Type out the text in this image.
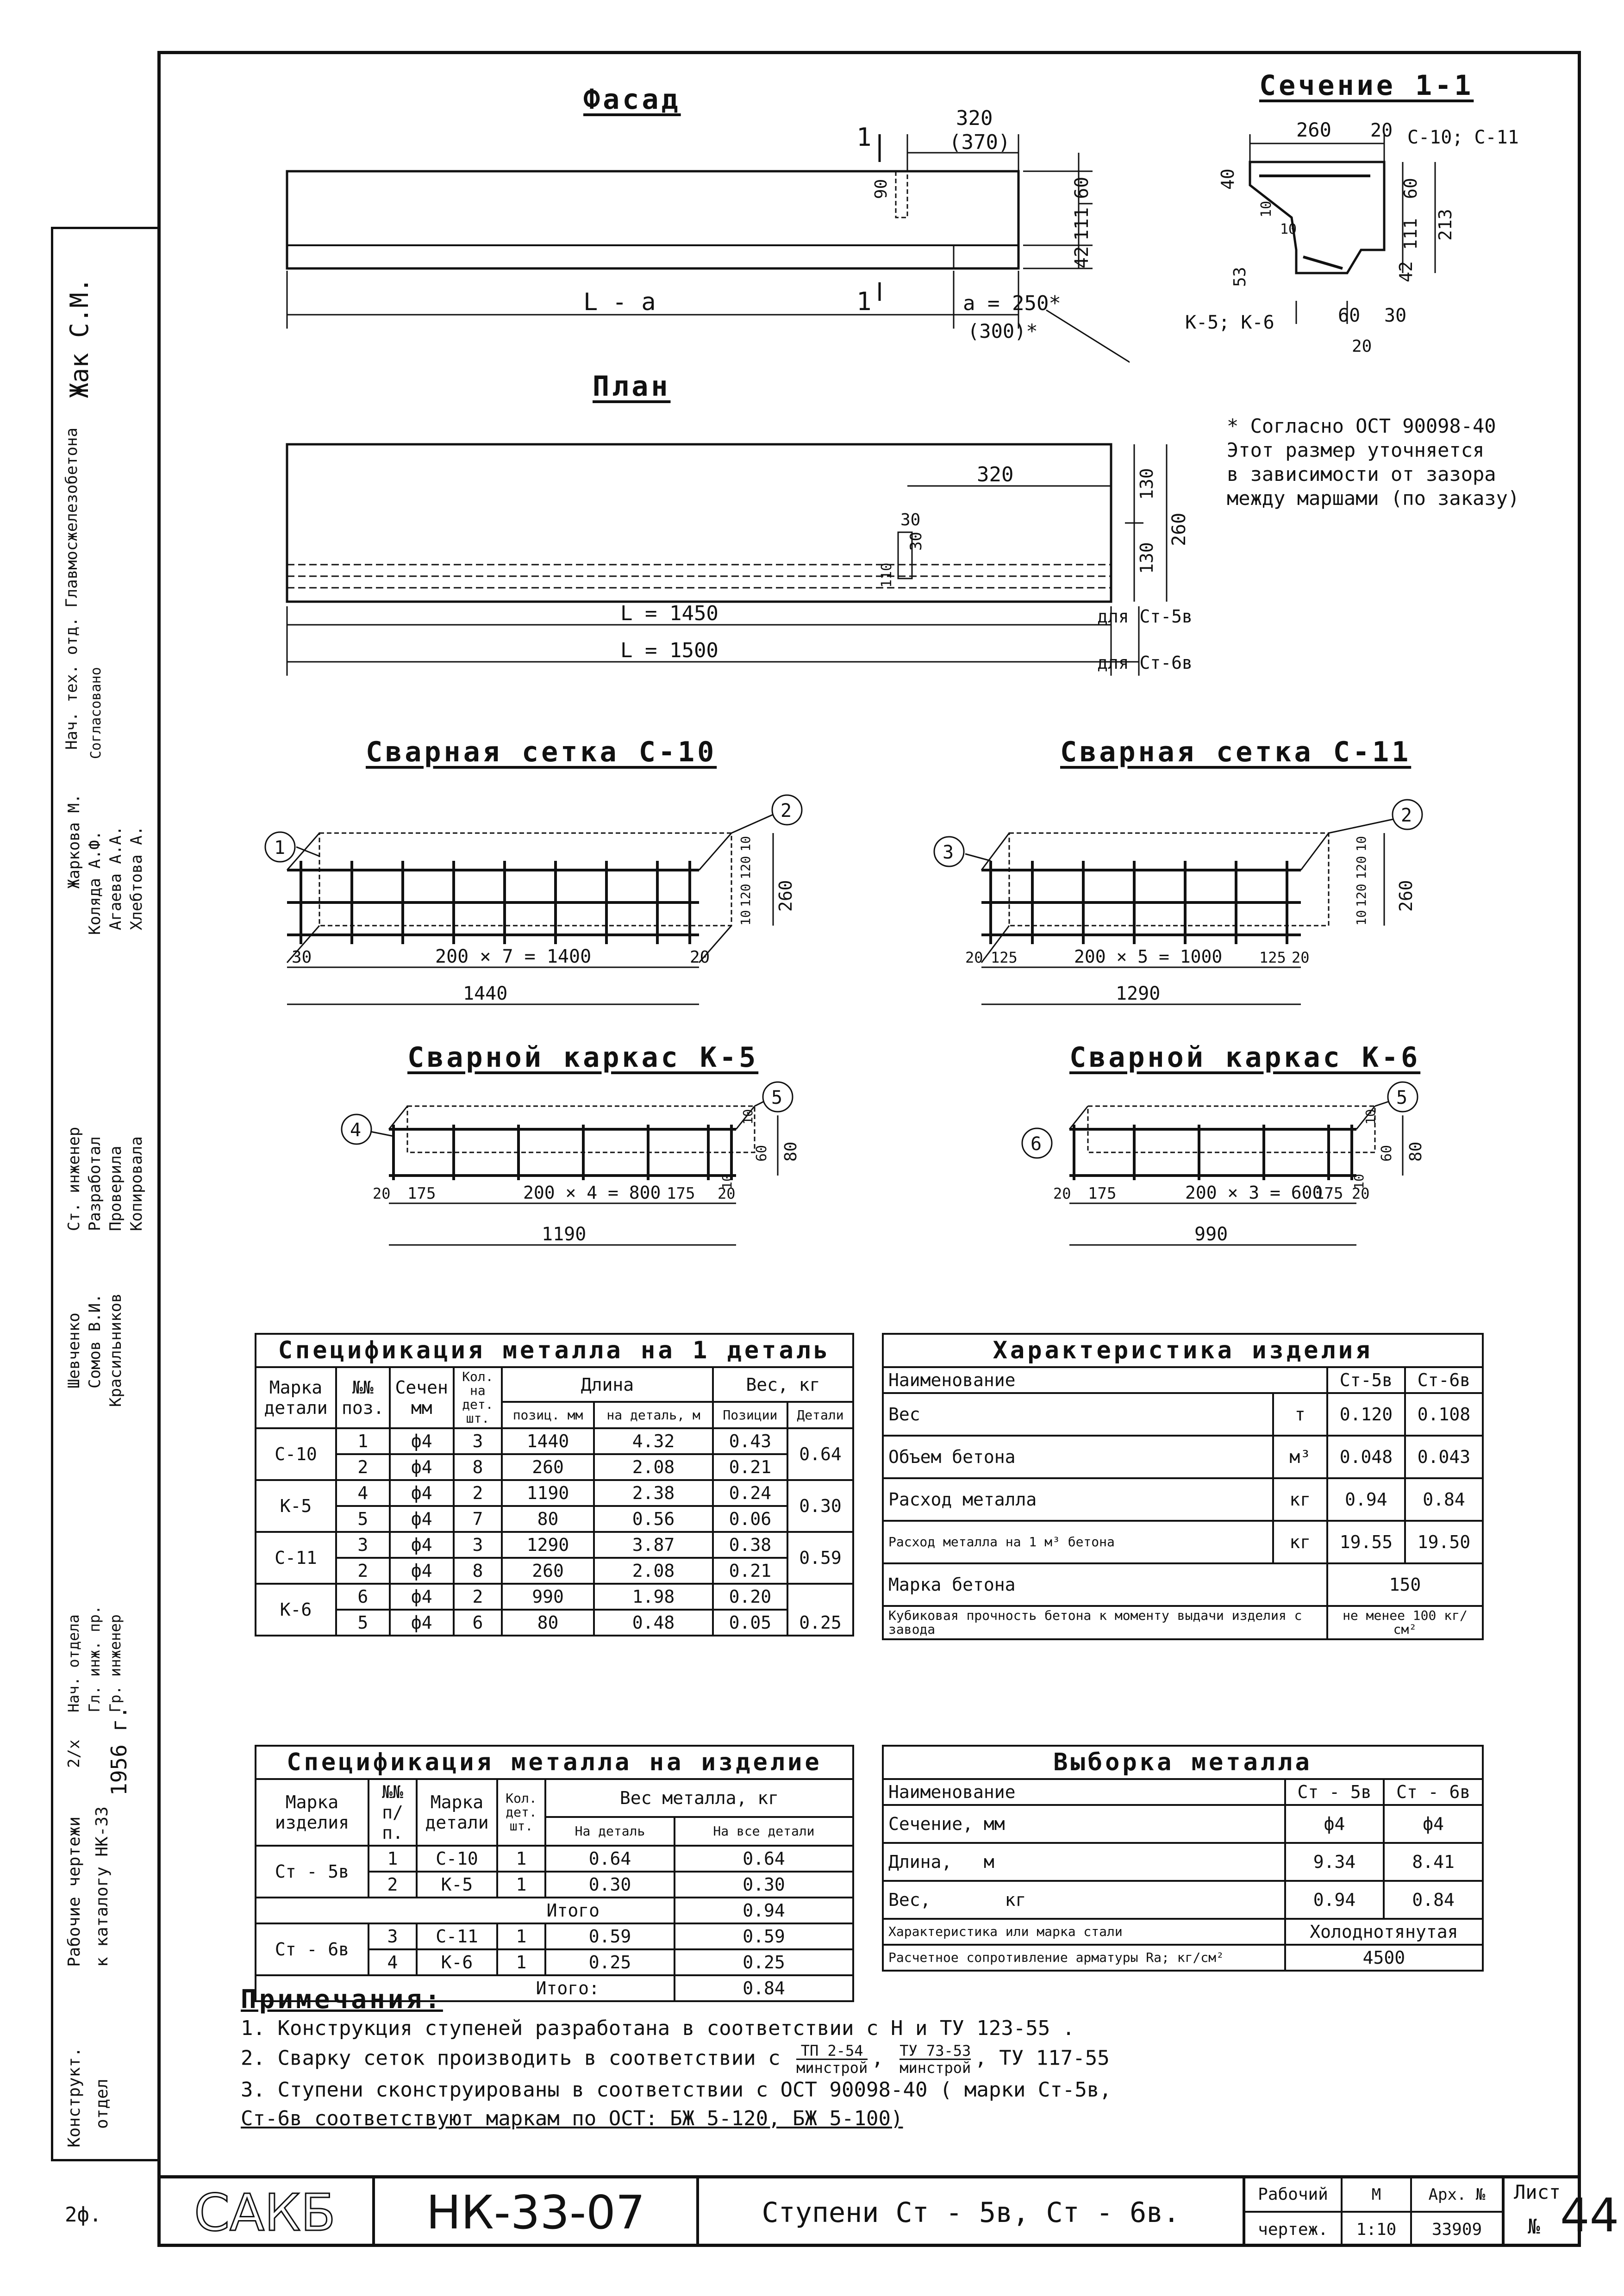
Жак С.М.
Нач. тех. отд. Главмосжелезобетона Согласовано
Жаркова М. Коляда А.Ф. Агаева А.А. Хлебтова А.
Ст. инженер Разработал Проверила Копировала
Шевченко Сомов В.И. Красильников
Нач. отдела Гл. инж. пр. Гр. инженер
2/х 1956 г.
Рабочие чертежи к каталогу НК-33
Конструкт. отдел
2ф.
Фасад	Сечение 1-1
План
Сварная сетка С-10	Сварная сетка С-11
Сварной каркас К-5	Сварной каркас К-6
320
(370)
1
1
90	60
111
42
L - a	a = 250*
(300)*
260 20 С-10; С-11
40
10
10
60
111 213
53	42
К-5; К-6	60 30
20
* Согласно ОСТ 90098-40
Этот размер уточняется
в зависимости от зазора
между маршами (по заказу)
320	130
130
260
30
30
110
L = 1450
L = 1500
для Ст-5в
для Ст-6в
1
2
30	200 × 7 = 1400	20
1440
260
10
120
120
10
3
2
20 125	200 × 5 = 1000 125 20
1290
260
10
120
120
10
4
5
20 175	200 × 4 = 800 175 20
1190
80
10
60
10
6
5
20 175	200 × 3 = 600
175 20
990
80
10
60
10
Спецификация металла на 1 деталь							
Марка детали	№№ поз.	Сечен мм	Кол. на дет. шт.	Длина		Вес, кг	
				позиц. мм	на деталь, м	Позиции	Детали
С-10	1	ф4	3	1440	4.32	0.43	0.64
	2	ф4	8	260	2.08	0.21	
К-5	4	ф4	2	1190	2.38	0.24	0.30
	5	ф4	7	80	0.56	0.06	
С-11	3	ф4	3	1290	3.87	0.38	0.59
	2	ф4	8	260	2.08	0.21	
К-6	6	ф4	2	990	1.98	0.20	0.25
	5	ф4	6	80	0.48	0.05	
Характеристика изделия			
Наименование		Ст-5в	Ст-6в
Вес	т	0.120	0.108
Объем бетона	м³	0.048	0.043
Расход металла	кг	0.94	0.84
Расход металла на 1 м³ бетона	кг	19.55	19.50
Марка бетона		150	
Кубиковая прочность бетона к моменту выдачи изделия с завода		не менее 100 кг/см²	
Спецификация металла на изделие					
Марка изделия	№№ п/п.	Марка детали	Кол. дет. шт.	Вес металла, кг	
				На деталь	На все детали
Ст - 5в	1	С-10	1	0.64	0.64
	2	К-5	1	0.30	0.30
Итого					0.94
Ст - 6в	3	С-11	1	0.59	0.59
	4	К-6	1	0.25	0.25
Итого:					0.84
Выборка металла		
Наименование	Ст - 5в	Ст - 6в
Сечение, мм	ф4	ф4
Длина,   м	9.34	8.41
Вес,       кг	0.94	0.84
Характеристика или марка стали	Холоднотянутая	
Расчетное сопротивление арматуры Ra; кг/см²	4500	
Примечания:
1. Конструкция ступеней разработана в соответствии с Н и ТУ 123-55 .
2. Сварку сеток производить в соответствии с $\frac{ТП 2-54}{\text{минстрой}}$ , $\frac{ТУ 73-53}{\text{минстрой}}$ , ТУ 117-55
3. Ступени сконструированы в соответствии с ОСТ 90098-40 ( марки Ст-5в,
Ст-6в соответствуют маркам по ОСТ: БЖ 5-120, БЖ 5-100)
САКБ	НК-33-07	Ступени Ст - 5в, Ст - 6в.
Рабочий
чертеж.
М
1:10
Арх. №
33909
Лист
№ 44
